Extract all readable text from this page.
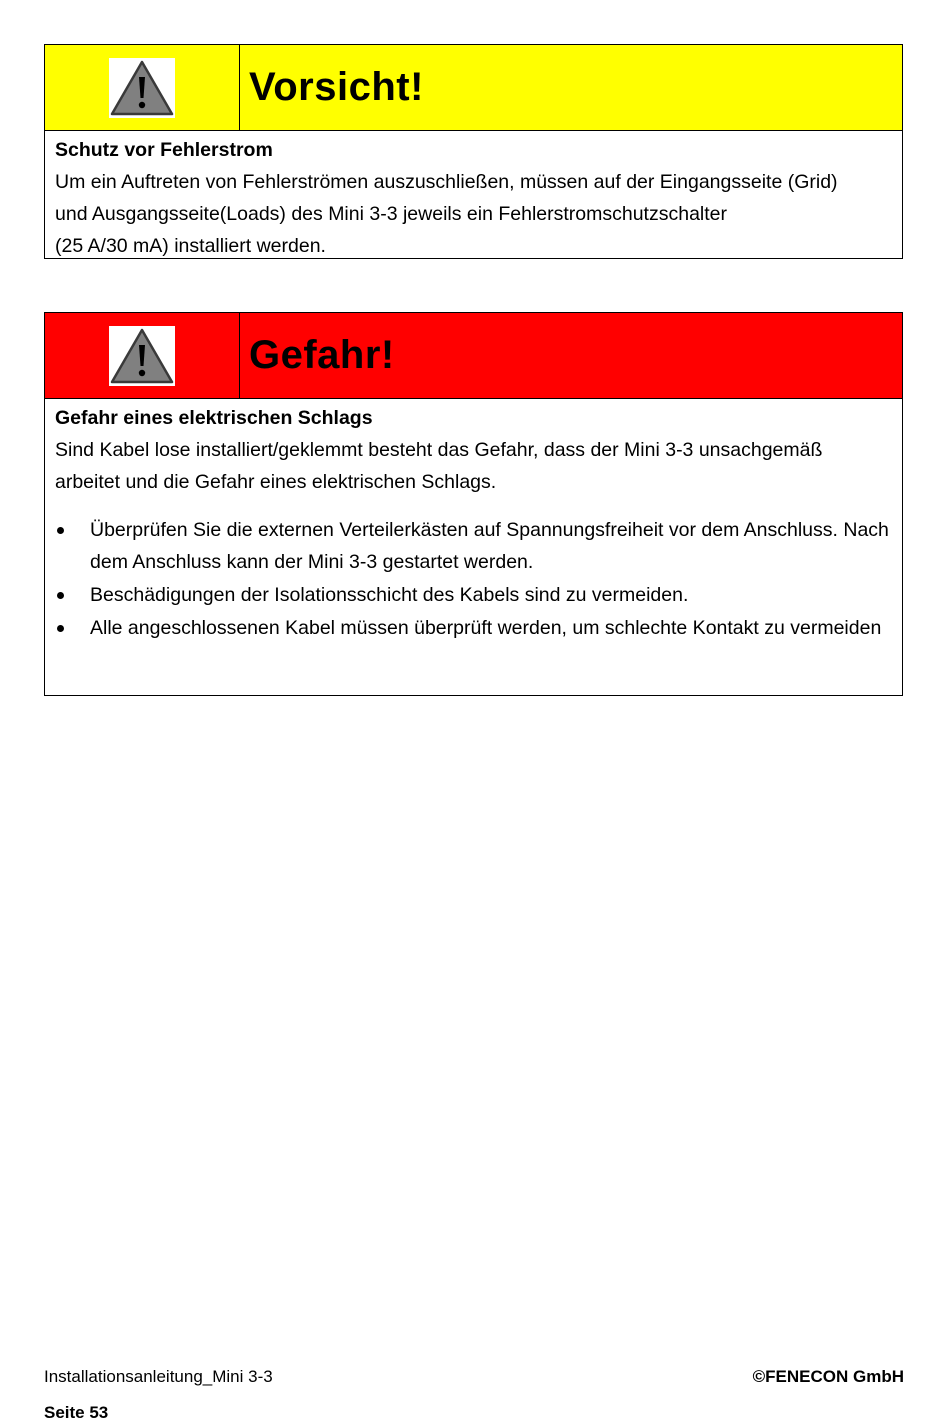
Vorsicht!
Schutz vor Fehlerstrom
Um ein Auftreten von Fehlerströmen auszuschließen, müssen auf der Eingangsseite (Grid)
und Ausgangsseite(Loads) des Mini 3-3 jeweils ein Fehlerstromschutzschalter
(25 A/30 mA) installiert werden.
Gefahr!
Gefahr eines elektrischen Schlags
Sind Kabel lose installiert/geklemmt besteht das Gefahr, dass der Mini 3-3 unsachgemäß
arbeitet und die Gefahr eines elektrischen Schlags.
Überprüfen Sie die externen Verteilerkästen auf Spannungsfreiheit vor dem Anschluss. Nach dem Anschluss kann der Mini 3-3 gestartet werden.
Beschädigungen der Isolationsschicht des Kabels sind zu vermeiden.
Alle angeschlossenen Kabel müssen überprüft werden, um schlechte Kontakt zu vermeiden
Installationsanleitung_Mini 3-3	©FENECON GmbH
Seite 53
